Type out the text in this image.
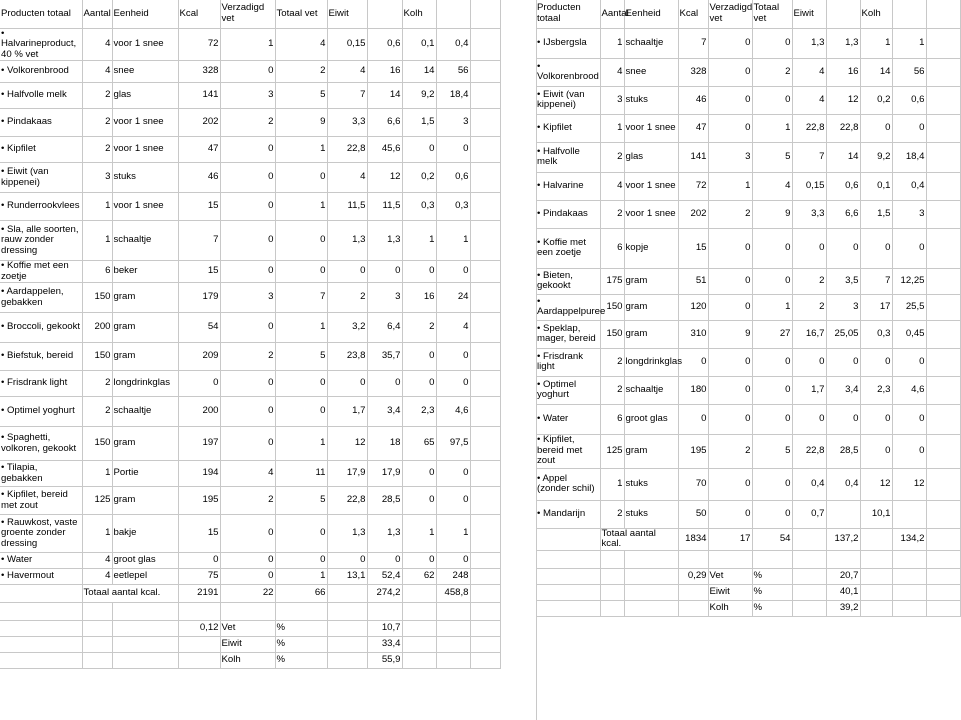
Producten totaal	Aantal	Eenheid	Kcal	Verzadigd vet	Totaal vet	Eiwit		Kolh		
• Halvarineproduct, 40 % vet	4	voor 1 snee	72	1	4	0,15	0,6	0,1	0,4	
• Volkorenbrood	4	snee	328	0	2	4	16	14	56	
• Halfvolle melk	2	glas	141	3	5	7	14	9,2	18,4	
• Pindakaas	2	voor 1 snee	202	2	9	3,3	6,6	1,5	3	
• Kipfilet	2	voor 1 snee	47	0	1	22,8	45,6	0	0	
• Eiwit (van kippenei)	3	stuks	46	0	0	4	12	0,2	0,6	
• Runderrookvlees	1	voor 1 snee	15	0	1	11,5	11,5	0,3	0,3	
• Sla, alle soorten, rauw zonder dressing	1	schaaltje	7	0	0	1,3	1,3	1	1	
• Koffie met een zoetje	6	beker	15	0	0	0	0	0	0	
• Aardappelen, gebakken	150	gram	179	3	7	2	3	16	24	
• Broccoli, gekookt	200	gram	54	0	1	3,2	6,4	2	4	
• Biefstuk, bereid	150	gram	209	2	5	23,8	35,7	0	0	
• Frisdrank light	2	longdrinkglas	0	0	0	0	0	0	0	
• Optimel yoghurt	2	schaaltje	200	0	0	1,7	3,4	2,3	4,6	
• Spaghetti, volkoren, gekookt	150	gram	197	0	1	12	18	65	97,5	
• Tilapia, gebakken	1	Portie	194	4	11	17,9	17,9	0	0	
• Kipfilet, bereid met zout	125	gram	195	2	5	22,8	28,5	0	0	
• Rauwkost, vaste groente zonder dressing	1	bakje	15	0	0	1,3	1,3	1	1	
• Water	4	groot glas	0	0	0	0	0	0	0	
• Havermout	4	eetlepel	75	0	1	13,1	52,4	62	248	
	Totaal aantal kcal.		2191	22	66		274,2		458,8	

			0,12	Vet	%		10,7			
				Eiwit	%		33,4			
				Kolh	%		55,9			
Producten totaal	Aantal	Eenheid	Kcal	Verzadigd vet	Totaal vet	Eiwit		Kolh		
• IJsbergsla	1	schaaltje	7	0	0	1,3	1,3	1	1	
• Volkorenbrood	4	snee	328	0	2	4	16	14	56	
• Eiwit (van kippenei)	3	stuks	46	0	0	4	12	0,2	0,6	
• Kipfilet	1	voor 1 snee	47	0	1	22,8	22,8	0	0	
• Halfvolle melk	2	glas	141	3	5	7	14	9,2	18,4	
• Halvarine	4	voor 1 snee	72	1	4	0,15	0,6	0,1	0,4	
• Pindakaas	2	voor 1 snee	202	2	9	3,3	6,6	1,5	3	
• Koffie met een zoetje	6	kopje	15	0	0	0	0	0	0	
• Bieten, gekookt	175	gram	51	0	0	2	3,5	7	12,25	
• Aardappelpuree	150	gram	120	0	1	2	3	17	25,5	
• Speklap, mager, bereid	150	gram	310	9	27	16,7	25,05	0,3	0,45	
• Frisdrank light	2	longdrinkglas	0	0	0	0	0	0	0	
• Optimel yoghurt	2	schaaltje	180	0	0	1,7	3,4	2,3	4,6	
• Water	6	groot glas	0	0	0	0	0	0	0	
• Kipfilet, bereid met zout	125	gram	195	2	5	22,8	28,5	0	0	
• Appel (zonder schil)	1	stuks	70	0	0	0,4	0,4	12	12	
• Mandarijn	2	stuks	50	0	0	0,7		10,1		
	Totaal aantal kcal.		1834	17	54		137,2		134,2	

			0,29	Vet	%		20,7			
				Eiwit	%		40,1			
				Kolh	%		39,2			
